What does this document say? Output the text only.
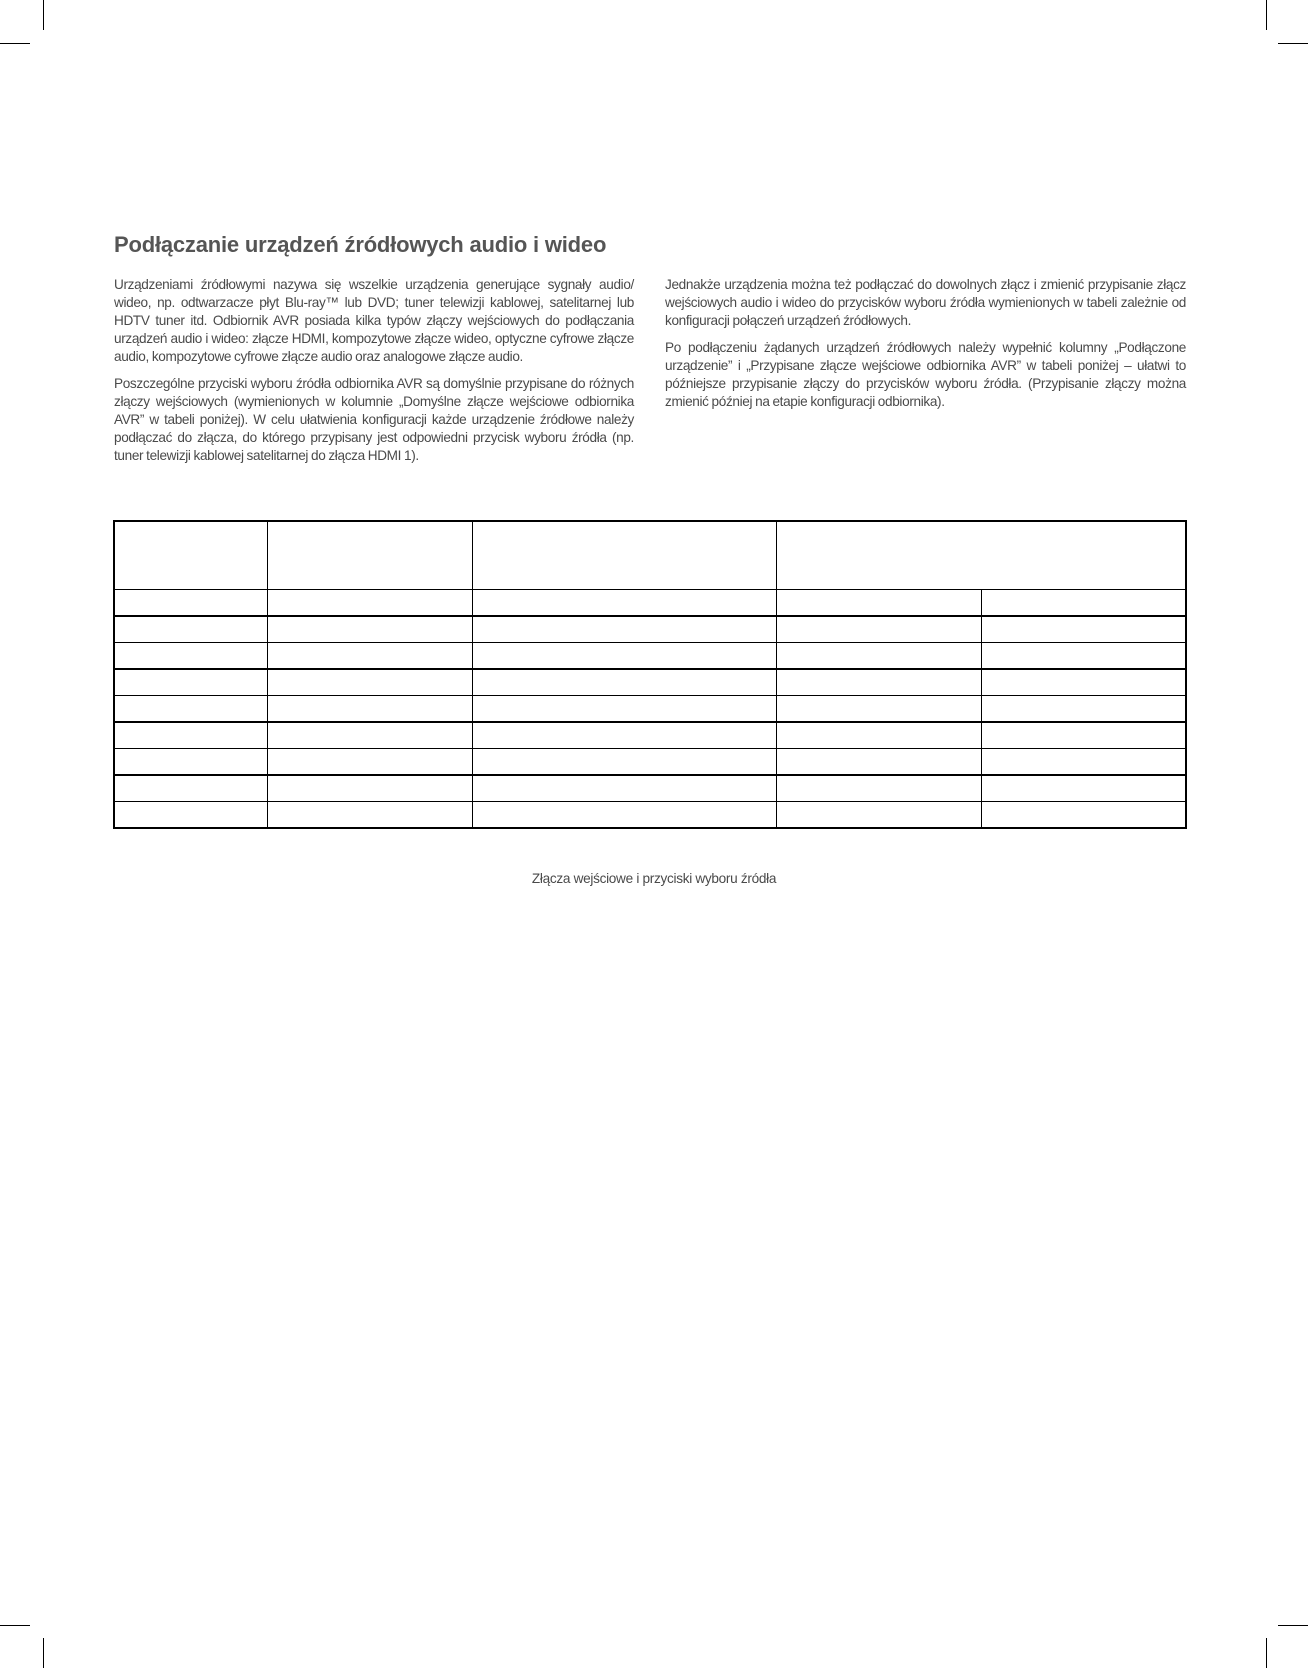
Podłączanie urządzeń źródłowych audio i wideo

Urządzeniami źródłowymi nazywa się wszelkie urządzenia generujące sygnały audio/ wideo, np. odtwarzacze płyt Blu-ray™ lub DVD; tuner telewizji kablowej, satelitarnej lub HDTV tuner itd. Odbiornik AVR posiada kilka typów złączy wejściowych do podłączania urządzeń audio i wideo: złącze HDMI, kompozytowe złącze wideo, optyczne cyfrowe złącze audio, kompozytowe cyfrowe złącze audio oraz analogowe złącze audio.

Poszczególne przyciski wyboru źródła odbiornika AVR są domyślnie przypisane do różnych złączy wejściowych (wymienionych w kolumnie „Domyślne złącze wejściowe odbiornika AVR” w tabeli poniżej). W celu ułatwienia konfiguracji każde urządzenie źródłowe należy podłączać do złącza, do którego przypisany jest odpowiedni przycisk wyboru źródła (np. tuner telewizji kablowej satelitarnej do złącza HDMI 1).

Jednakże urządzenia można też podłączać do dowolnych złącz i zmienić przypisanie złącz wejściowych audio i wideo do przycisków wyboru źródła wymienionych w tabeli zależnie od konfiguracji połączeń urządzeń źródłowych.

Po podłączeniu żądanych urządzeń źródłowych należy wypełnić kolumny „Podłączone urządzenie” i „Przypisane złącze wejściowe odbiornika AVR” w tabeli poniżej – ułatwi to późniejsze przypisanie złączy do przycisków wyboru źródła. (Przypisanie złączy można zmienić później na etapie konfiguracji odbiornika).

Złącza wejściowe i przyciski wyboru źródła
